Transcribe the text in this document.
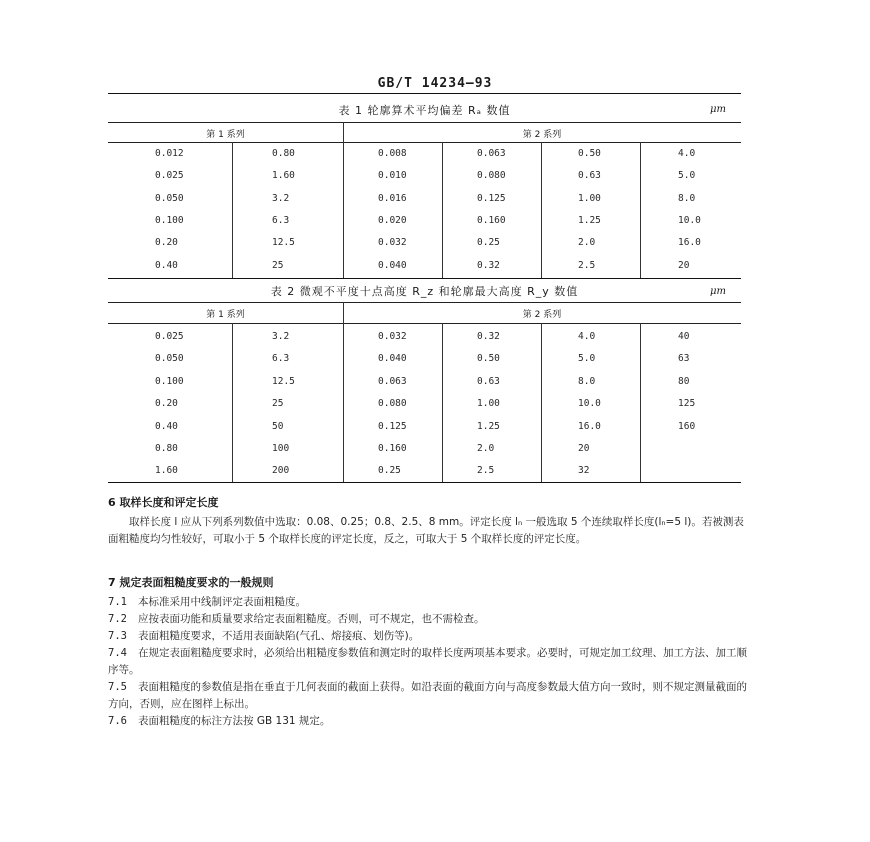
GB/T 14234—93
表 1 轮廓算术平均偏差 Rₐ 数值	μm
第 1 系列	第 2 系列
0.012	0.80	0.008	0.063	0.50	4.0
0.025	1.60	0.010	0.080	0.63	5.0
0.050	3.2	0.016	0.125	1.00	8.0
0.100	6.3	0.020	0.160	1.25	10.0
0.20	12.5	0.032	0.25	2.0	16.0
0.40	25	0.040	0.32	2.5	20
表 2 微观不平度十点高度 R_z 和轮廓最大高度 R_y 数值	μm
第 1 系列	第 2 系列
0.025	3.2	0.032	0.32	4.0	40
0.050	6.3	0.040	0.50	5.0	63
0.100	12.5	0.063	0.63	8.0	80
0.20	25	0.080	1.00	10.0	125
0.40	50	0.125	1.25	16.0	160
0.80	100	0.160	2.0	20
1.60	200	0.25	2.5	32
6 取样长度和评定长度
　　取样长度 l 应从下列系列数值中选取：0.08、0.25；0.8、2.5、8 mm。评定长度 lₙ 一般选取 5 个连续取样长度(lₙ=5 l)。若被测表面粗糙度均匀性较好，可取小于 5 个取样长度的评定长度，反之，可取大于 5 个取样长度的评定长度。
7 规定表面粗糙度要求的一般规则
7.1 本标准采用中线制评定表面粗糙度。
7.2 应按表面功能和质量要求给定表面粗糙度。否则，可不规定，也不需检查。
7.3 表面粗糙度要求，不适用表面缺陷(气孔、熔接痕、划伤等)。
7.4 在规定表面粗糙度要求时，必须给出粗糙度参数值和测定时的取样长度两项基本要求。必要时，可规定加工纹理、加工方法、加工顺序等。
7.5 表面粗糙度的参数值是指在垂直于几何表面的截面上获得。如沿表面的截面方向与高度参数最大值方向一致时，则不规定测量截面的方向，否则，应在图样上标出。
7.6 表面粗糙度的标注方法按 GB 131 规定。
